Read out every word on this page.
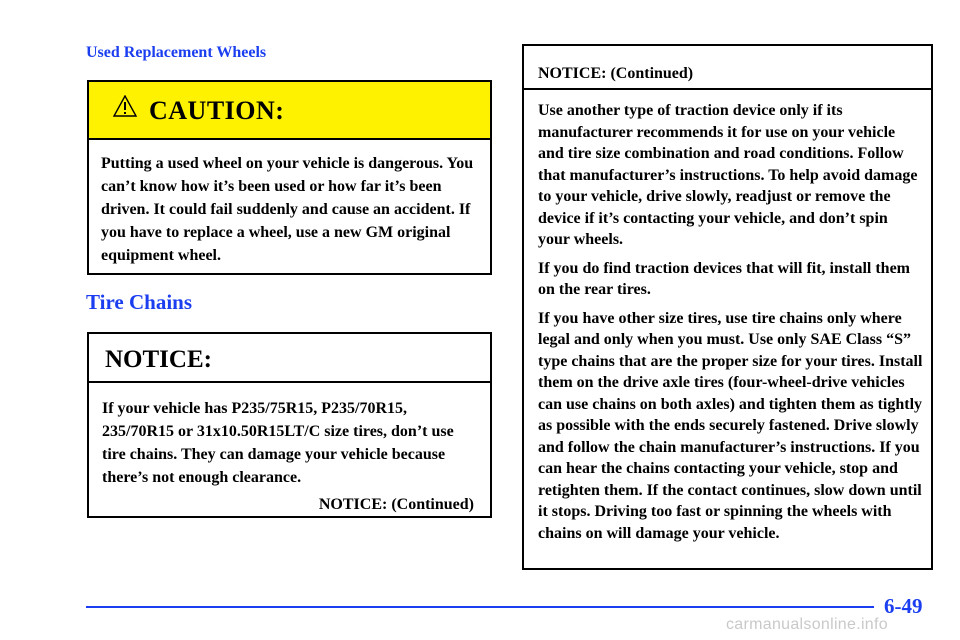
Used Replacement Wheels
CAUTION:
Putting a used wheel on your vehicle is dangerous. You can’t know how it’s been used or how far it’s been driven. It could fail suddenly and cause an accident. If you have to replace a wheel, use a new GM original equipment wheel.
Tire Chains
NOTICE:
If your vehicle has P235/75R15, P235/70R15, 235/70R15 or 31x10.50R15LT/C size tires, don’t use tire chains. They can damage your vehicle because there’s not enough clearance.
NOTICE: (Continued)
NOTICE: (Continued)

Use another type of traction device only if its manufacturer recommends it for use on your vehicle and tire size combination and road conditions. Follow that manufacturer’s instructions. To help avoid damage to your vehicle, drive slowly, readjust or remove the device if it’s contacting your vehicle, and don’t spin your wheels.

If you do find traction devices that will fit, install them on the rear tires.

If you have other size tires, use tire chains only where legal and only when you must. Use only SAE Class “S” type chains that are the proper size for your tires. Install them on the drive axle tires (four-wheel-drive vehicles can use chains on both axles) and tighten them as tightly as possible with the ends securely fastened. Drive slowly and follow the chain manufacturer’s instructions. If you can hear the chains contacting your vehicle, stop and retighten them. If the contact continues, slow down until it stops. Driving too fast or spinning the wheels with chains on will damage your vehicle.

6-49
carmanualsonline.info
